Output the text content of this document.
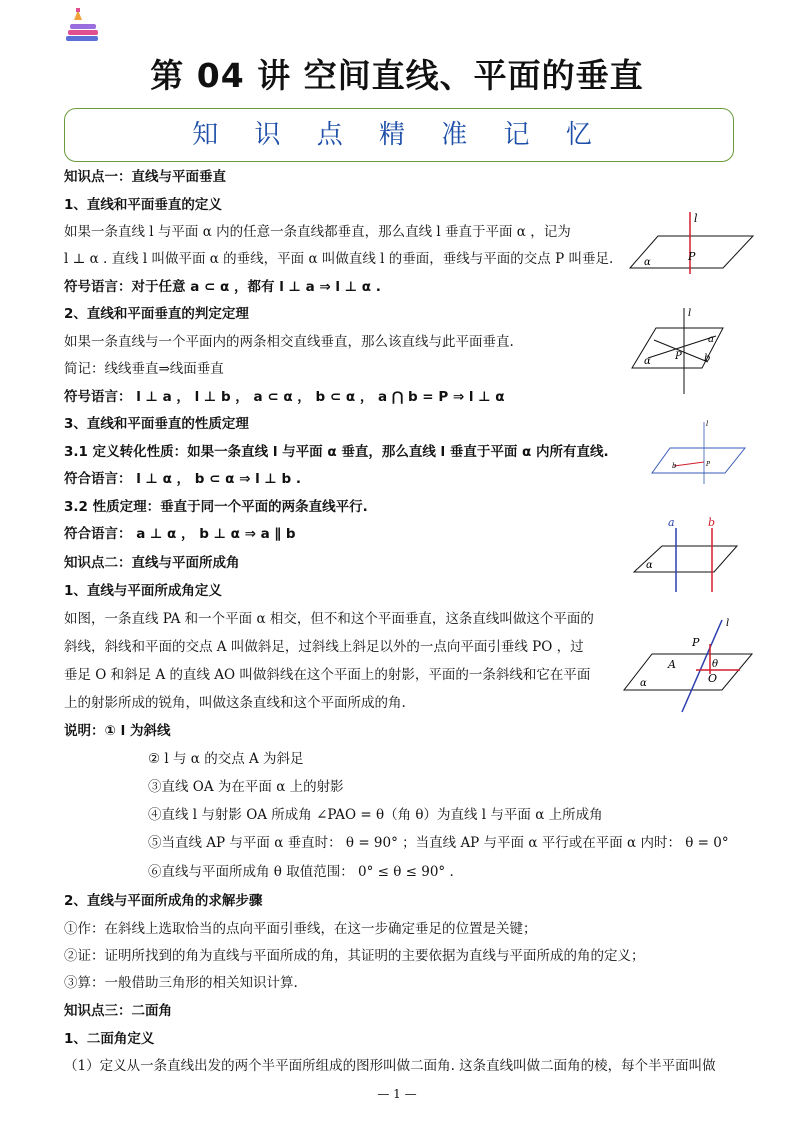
第 04 讲 空间直线、平面的垂直
知 识 点 精 准 记 忆
知识点一：直线与平面垂直
1、直线和平面垂直的定义
如果一条直线 l 与平面 α 内的任意一条直线都垂直，那么直线 l 垂直于平面 α ，记为
l ⊥ α . 直线 l 叫做平面 α 的垂线，平面 α 叫做直线 l 的垂面，垂线与平面的交点 P 叫垂足.
符号语言：对于任意 a ⊂ α ，都有 l ⊥ a ⇒ l ⊥ α .
2、直线和平面垂直的判定定理
如果一条直线与一个平面内的两条相交直线垂直，那么该直线与此平面垂直.
简记：线线垂直⇒线面垂直
符号语言： l ⊥ a ， l ⊥ b ， a ⊂ α ， b ⊂ α ， a ⋂ b = P ⇒ l ⊥ α
3、直线和平面垂直的性质定理
3.1 定义转化性质：如果一条直线 l 与平面 α 垂直，那么直线 l 垂直于平面 α 内所有直线.
符合语言： l ⊥ α ， b ⊂ α ⇒ l ⊥ b .
3.2 性质定理：垂直于同一个平面的两条直线平行.
符合语言： a ⊥ α ， b ⊥ α ⇒ a ∥ b
知识点二：直线与平面所成角
1、直线与平面所成角定义
如图，一条直线 PA 和一个平面 α 相交，但不和这个平面垂直，这条直线叫做这个平面的
斜线，斜线和平面的交点 A 叫做斜足，过斜线上斜足以外的一点向平面引垂线 PO ，过
垂足 O 和斜足 A 的直线 AO 叫做斜线在这个平面上的射影，平面的一条斜线和它在平面
上的射影所成的锐角，叫做这条直线和这个平面所成的角.
说明：① l 为斜线
② l 与 α 的交点 A 为斜足
③直线 OA 为在平面 α 上的射影
④直线 l 与射影 OA 所成角 ∠PAO = θ（角 θ）为直线 l 与平面 α 上所成角
⑤当直线 AP 与平面 α 垂直时： θ = 90° ；当直线 AP 与平面 α 平行或在平面 α 内时： θ = 0°
⑥直线与平面所成角 θ 取值范围： 0° ≤ θ ≤ 90° .
2、直线与平面所成角的求解步骤
①作：在斜线上选取恰当的点向平面引垂线，在这一步确定垂足的位置是关键；
②证：证明所找到的角为直线与平面所成的角，其证明的主要依据为直线与平面所成的角的定义；
③算：一般借助三角形的相关知识计算.
知识点三：二面角
1、二面角定义
（1）定义从一条直线出发的两个半平面所组成的图形叫做二面角. 这条直线叫做二面角的棱，每个半平面叫做
l
P
α
l
a
b
P
α
l
b	P
a	b
α
l
P
A	θ
O
α
— 1 —
